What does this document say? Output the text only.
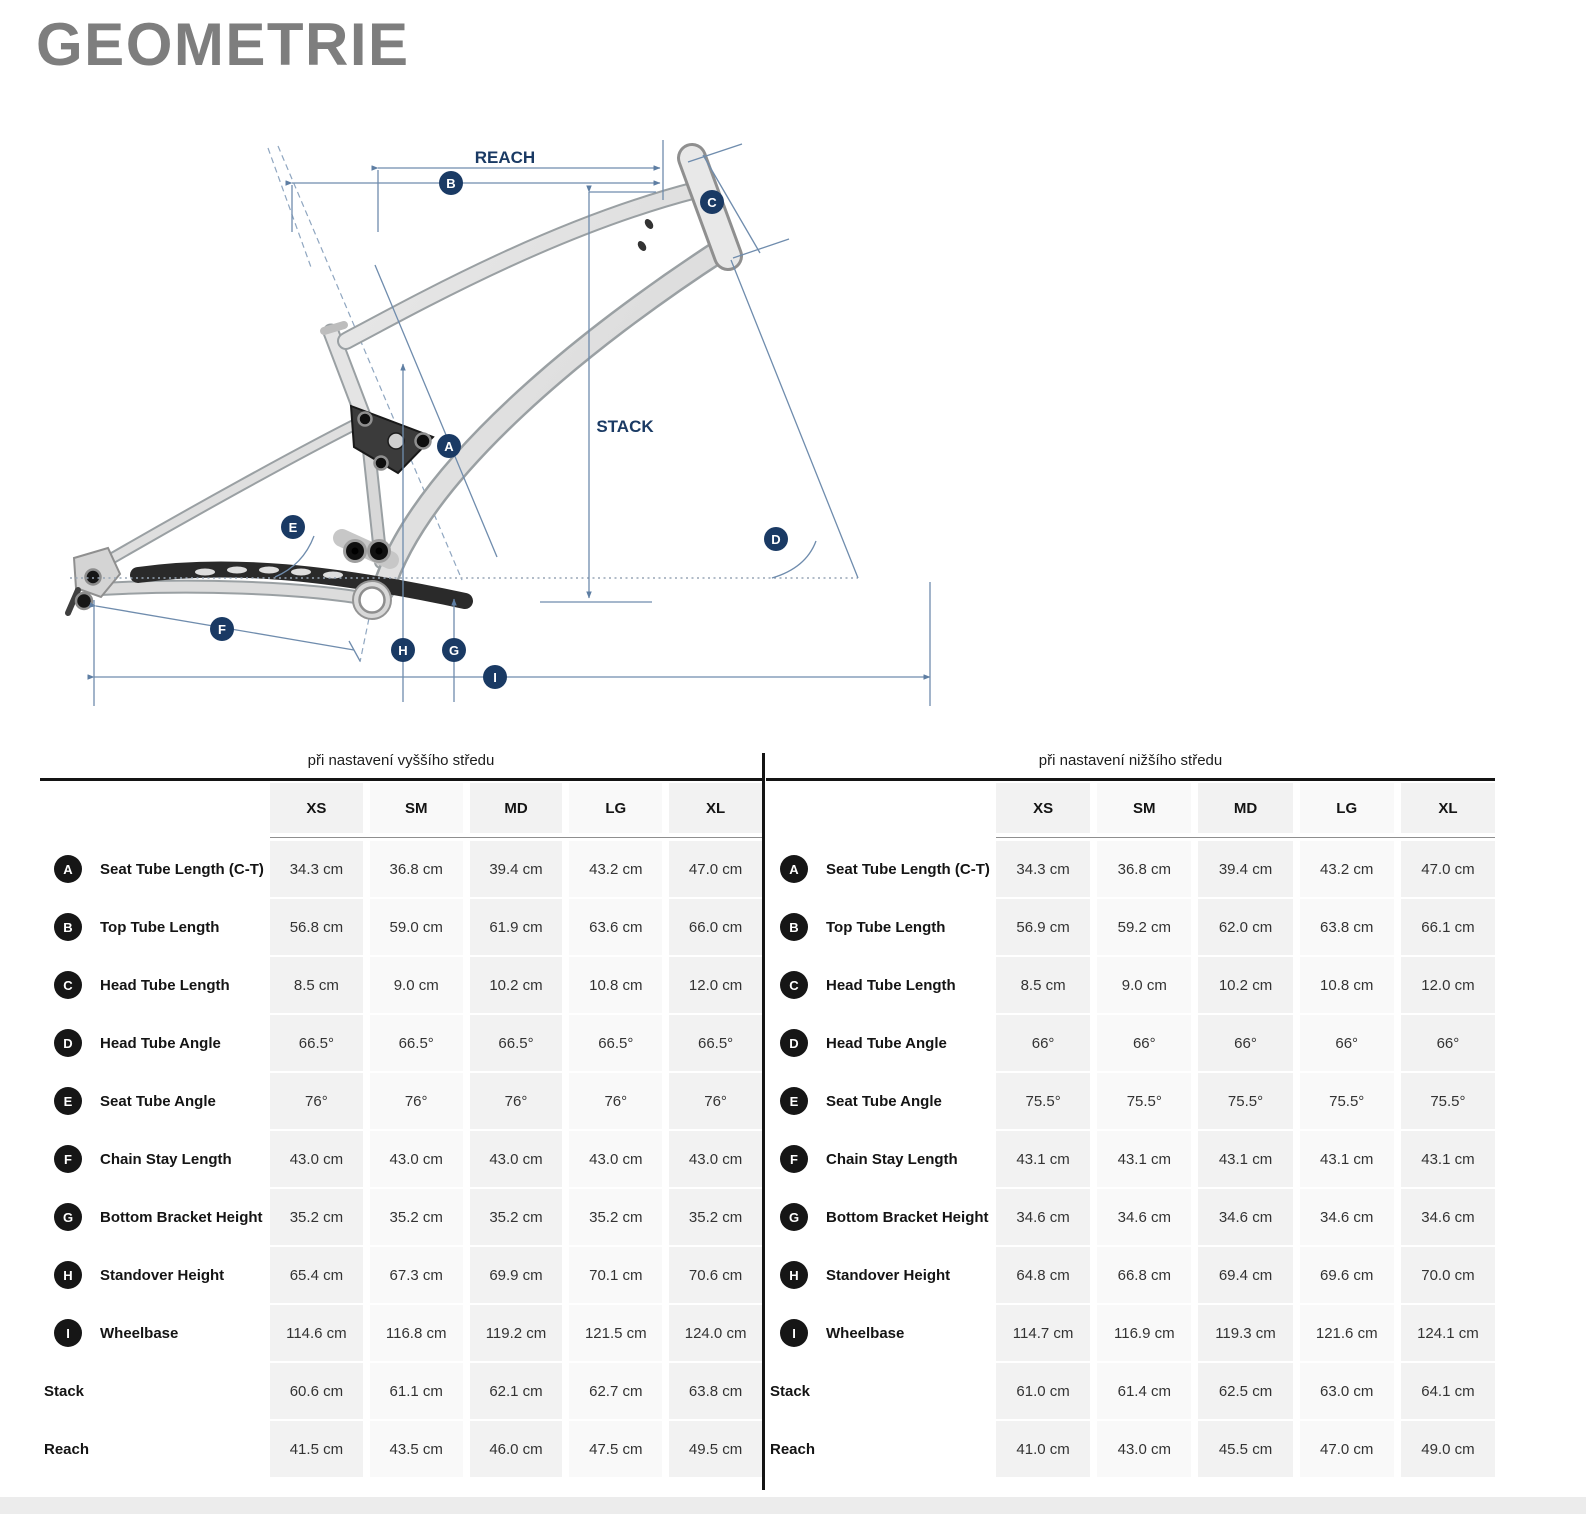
GEOMETRIE
REACH
STACK
A
B
C
D
E
F
G
H
I
při nastavení vyššího středu
XS	SM	MD	LG	XL
A	Seat Tube Length (C-T)	34.3 cm	36.8 cm	39.4 cm	43.2 cm	47.0 cm
B	Top Tube Length	56.8 cm	59.0 cm	61.9 cm	63.6 cm	66.0 cm
C	Head Tube Length	8.5 cm	9.0 cm	10.2 cm	10.8 cm	12.0 cm
D	Head Tube Angle	66.5°	66.5°	66.5°	66.5°	66.5°
E	Seat Tube Angle	76°	76°	76°	76°	76°
F	Chain Stay Length	43.0 cm	43.0 cm	43.0 cm	43.0 cm	43.0 cm
G	Bottom Bracket Height	35.2 cm	35.2 cm	35.2 cm	35.2 cm	35.2 cm
H	Standover Height	65.4 cm	67.3 cm	69.9 cm	70.1 cm	70.6 cm
I	Wheelbase	114.6 cm	116.8 cm	119.2 cm	121.5 cm	124.0 cm
Stack	60.6 cm	61.1 cm	62.1 cm	62.7 cm	63.8 cm
Reach	41.5 cm	43.5 cm	46.0 cm	47.5 cm	49.5 cm
při nastavení nižšího středu
XS	SM	MD	LG	XL
A	Seat Tube Length (C-T)	34.3 cm	36.8 cm	39.4 cm	43.2 cm	47.0 cm
B	Top Tube Length	56.9 cm	59.2 cm	62.0 cm	63.8 cm	66.1 cm
C	Head Tube Length	8.5 cm	9.0 cm	10.2 cm	10.8 cm	12.0 cm
D	Head Tube Angle	66°	66°	66°	66°	66°
E	Seat Tube Angle	75.5°	75.5°	75.5°	75.5°	75.5°
F	Chain Stay Length	43.1 cm	43.1 cm	43.1 cm	43.1 cm	43.1 cm
G	Bottom Bracket Height	34.6 cm	34.6 cm	34.6 cm	34.6 cm	34.6 cm
H	Standover Height	64.8 cm	66.8 cm	69.4 cm	69.6 cm	70.0 cm
I	Wheelbase	114.7 cm	116.9 cm	119.3 cm	121.6 cm	124.1 cm
Stack	61.0 cm	61.4 cm	62.5 cm	63.0 cm	64.1 cm
Reach	41.0 cm	43.0 cm	45.5 cm	47.0 cm	49.0 cm
